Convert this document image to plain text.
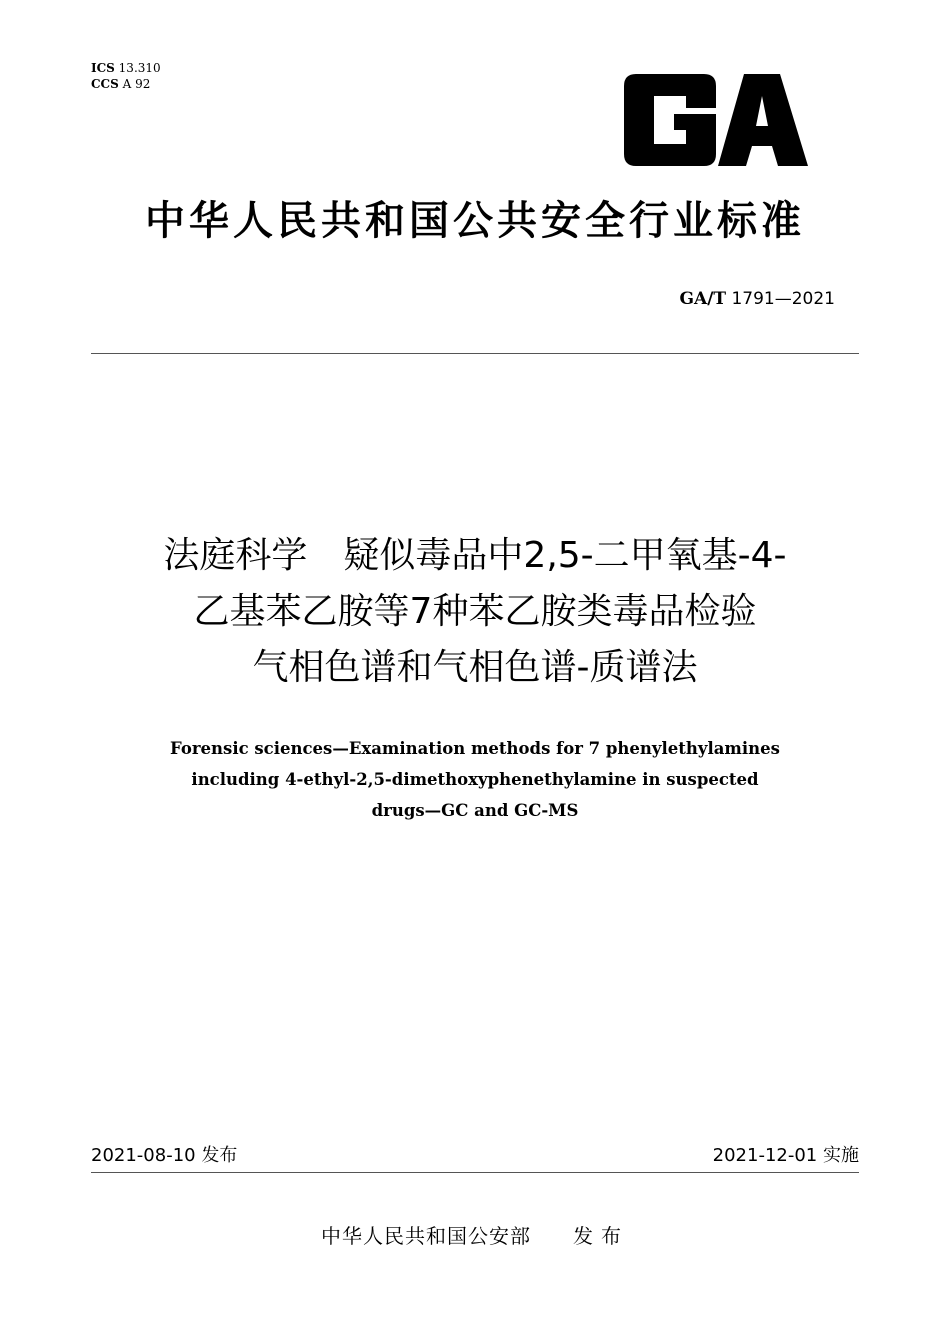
ICS 13.310
CCS A 92
中华人民共和国公共安全行业标准
GA/T 1791—2021
法庭科学　疑似毒品中2,5-二甲氧基-4-
乙基苯乙胺等7种苯乙胺类毒品检验
气相色谱和气相色谱-质谱法
Forensic sciences—Examination methods for 7 phenylethylamines
including 4-ethyl-2,5-dimethoxyphenethylamine in suspected
drugs—GC and GC-MS
2021-08-10 发布	2021-12-01 实施
中华人民共和国公安部 发布
